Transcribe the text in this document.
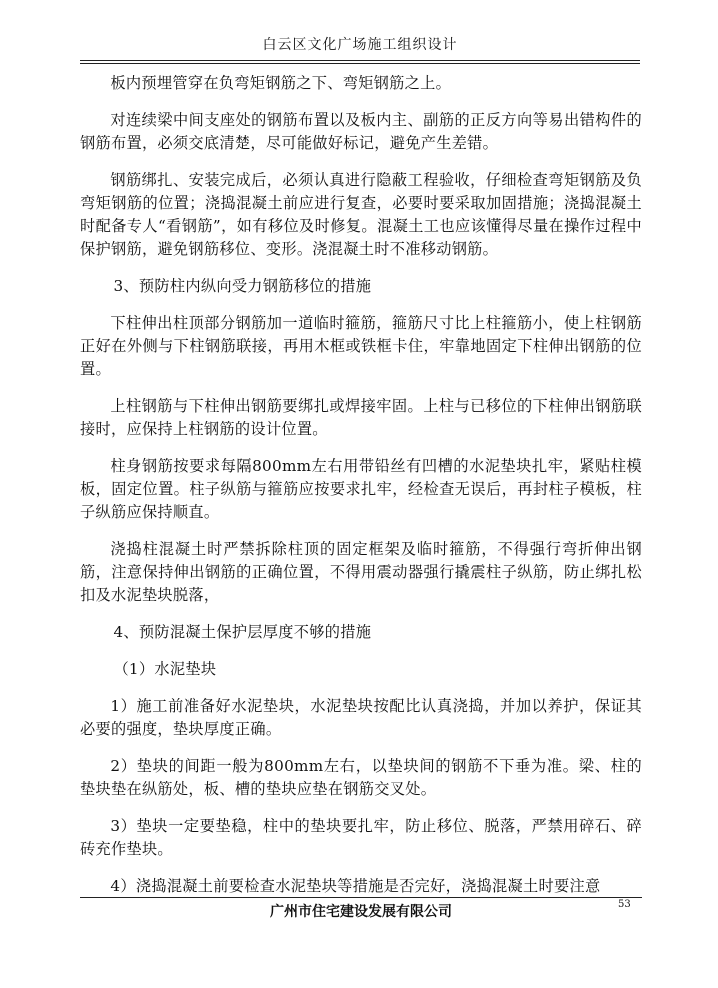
白云区文化广场施工组织设计

板内预埋管穿在负弯矩钢筋之下、弯矩钢筋之上。

对连续梁中间支座处的钢筋布置以及板内主、副筋的正反方向等易出错构件的钢筋布置，必须交底清楚，尽可能做好标记，避免产生差错。

钢筋绑扎、安装完成后，必须认真进行隐蔽工程验收，仔细检查弯矩钢筋及负弯矩钢筋的位置；浇捣混凝土前应进行复查，必要时要采取加固措施；浇捣混凝土时配备专人“看钢筋”，如有移位及时修复。混凝土工也应该懂得尽量在操作过程中保护钢筋，避免钢筋移位、变形。浇混凝土时不准移动钢筋。

3、预防柱内纵向受力钢筋移位的措施

下柱伸出柱顶部分钢筋加一道临时箍筋，箍筋尺寸比上柱箍筋小，使上柱钢筋正好在外侧与下柱钢筋联接，再用木框或铁框卡住，牢靠地固定下柱伸出钢筋的位置。

上柱钢筋与下柱伸出钢筋要绑扎或焊接牢固。上柱与已移位的下柱伸出钢筋联接时，应保持上柱钢筋的设计位置。

柱身钢筋按要求每隔800mm左右用带铅丝有凹槽的水泥垫块扎牢，紧贴柱模板，固定位置。柱子纵筋与箍筋应按要求扎牢，经检查无误后，再封柱子模板，柱子纵筋应保持顺直。

浇捣柱混凝土时严禁拆除柱顶的固定框架及临时箍筋，不得强行弯折伸出钢筋，注意保持伸出钢筋的正确位置，不得用震动器强行撬震柱子纵筋，防止绑扎松扣及水泥垫块脱落，

4、预防混凝土保护层厚度不够的措施

（1）水泥垫块

1）施工前准备好水泥垫块，水泥垫块按配比认真浇捣，并加以养护，保证其必要的强度，垫块厚度正确。

2）垫块的间距一般为800mm左右，以垫块间的钢筋不下垂为准。梁、柱的垫块垫在纵筋处，板、槽的垫块应垫在钢筋交叉处。

3）垫块一定要垫稳，柱中的垫块要扎牢，防止移位、脱落，严禁用碎石、碎砖充作垫块。

4）浇捣混凝土前要检查水泥垫块等措施是否完好，浇捣混凝土时要注意

广州市住宅建设发展有限公司	53
